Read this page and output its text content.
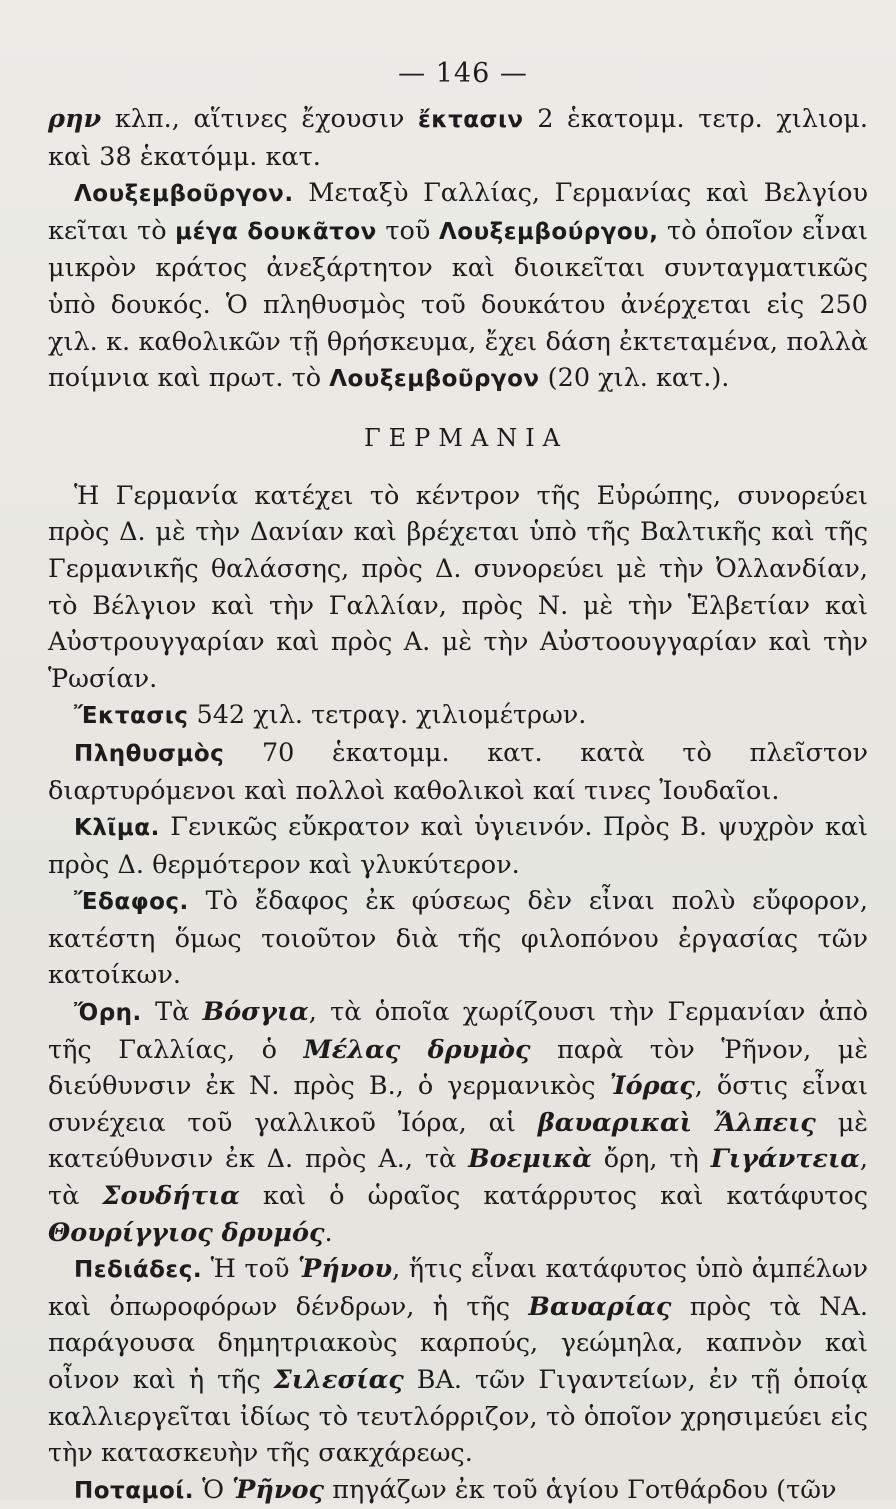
— 146 —

ρην κλπ., αἵτινες ἔχουσιν ἔκτασιν 2 ἑκατομμ. τετρ. χιλιομ. καὶ 38 ἑκατόμμ. κατ.

Λουξεμβοῦργον. Μεταξὺ Γαλλίας, Γερμανίας καὶ Βελγίου κεῖται τὸ μέγα δουκᾶτον τοῦ Λουξεμβούργου, τὸ ὁποῖον εἶναι μικρὸν κράτος ἀνεξάρτητον καὶ διοικεῖται συνταγματικῶς ὑπὸ δουκός. Ὁ πληθυσμὸς τοῦ δουκάτου ἀνέρχεται εἰς 250 χιλ. κ. καθολικῶν τῇ θρήσκευμα, ἔχει δάση ἐκτεταμένα, πολλὰ ποίμνια καὶ πρωτ. τὸ Λουξεμβοῦργον (20 χιλ. κατ.).

ΓΕΡΜΑΝΙΑ

Ἡ Γερμανία κατέχει τὸ κέντρον τῆς Εὐρώπης, συνορεύει πρὸς Δ. μὲ τὴν Δανίαν καὶ βρέχεται ὑπὸ τῆς Βαλτικῆς καὶ τῆς Γερμανικῆς θαλάσσης, πρὸς Δ. συνορεύει μὲ τὴν Ὀλλανδίαν, τὸ Βέλγιον καὶ τὴν Γαλλίαν, πρὸς Ν. μὲ τὴν Ἑλβετίαν καὶ Αὐστρουγγαρίαν καὶ πρὸς Α. μὲ τὴν Αὐστοουγγαρίαν καὶ τὴν Ῥωσίαν.

Ἔκτασις 542 χιλ. τετραγ. χιλιομέτρων.

Πληθυσμὸς 70 ἑκατομμ. κατ. κατὰ τὸ πλεῖστον διαρτυρόμενοι καὶ πολλοὶ καθολικοὶ καί τινες Ἰουδαῖοι.

Κλῖμα. Γενικῶς εὔκρατον καὶ ὑγιεινόν. Πρὸς Β. ψυχρὸν καὶ πρὸς Δ. θερμότερον καὶ γλυκύτερον.

Ἔδαφος. Τὸ ἔδαφος ἐκ φύσεως δὲν εἶναι πολὺ εὔφορον, κατέστη ὅμως τοιοῦτον διὰ τῆς φιλοπόνου ἐργασίας τῶν κατοίκων.

Ὄρη. Τὰ Βόσγια, τὰ ὁποῖα χωρίζουσι τὴν Γερμανίαν ἀπὸ τῆς Γαλλίας, ὁ Μέλας δρυμὸς παρὰ τὸν Ῥῆνον, μὲ διεύθυνσιν ἐκ Ν. πρὸς Β., ὁ γερμανικὸς Ἰόρας, ὅστις εἶναι συνέχεια τοῦ γαλλικοῦ Ἰόρα, αἱ βαυαρικαὶ Ἄλπεις μὲ κατεύθυνσιν ἐκ Δ. πρὸς Α., τὰ Βοεμικὰ ὄρη, τὴ Γιγάντεια, τὰ Σουδήτια καὶ ὁ ὡραῖος κατάρρυτος καὶ κατάφυτος Θουρίγγιος δρυμός.

Πεδιάδες. Ἡ τοῦ Ῥήνου, ἥτις εἶναι κατάφυτος ὑπὸ ἀμπέλων καὶ ὀπωροφόρων δένδρων, ἡ τῆς Βαυαρίας πρὸς τὰ ΝΑ. παράγουσα δημητριακοὺς καρπούς, γεώμηλα, καπνὸν καὶ οἶνον καὶ ἡ τῆς Σιλεσίας ΒΑ. τῶν Γιγαντείων, ἐν τῇ ὁποίᾳ καλλιεργεῖται ἰδίως τὸ τευτλόρριζον, τὸ ὁποῖον χρησιμεύει εἰς τὴν κατασκευὴν τῆς σακχάρεως.

Ποταμοί. Ὁ Ῥῆνος πηγάζων ἐκ τοῦ ἁγίου Γοτθάρδου (τῶν
